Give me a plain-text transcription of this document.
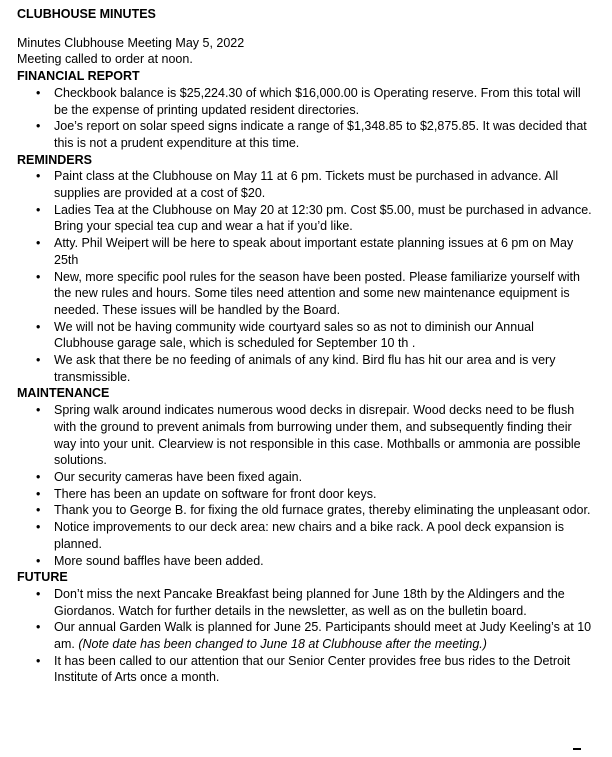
CLUBHOUSE MINUTES
Minutes Clubhouse Meeting May 5, 2022
Meeting called to order at noon.
FINANCIAL REPORT
• Checkbook balance is $25,224.30 of which $16,000.00 is Operating reserve. From this total will be the expense of printing updated resident directories.
• Joe’s report on solar speed signs indicate a range of $1,348.85 to $2,875.85. It was decided that this is not a prudent expenditure at this time.
REMINDERS
• Paint class at the Clubhouse on May 11 at 6 pm. Tickets must be purchased in advance. All supplies are provided at a cost of $20.
• Ladies Tea at the Clubhouse on May 20 at 12:30 pm. Cost $5.00, must be purchased in advance. Bring your special tea cup and wear a hat if you’d like.
• Atty. Phil Weipert will be here to speak about important estate planning issues at 6 pm on May 25th
• New, more specific pool rules for the season have been posted. Please familiarize yourself with the new rules and hours. Some tiles need attention and some new maintenance equipment is needed. These issues will be handled by the Board.
• We will not be having community wide courtyard sales so as not to diminish our Annual Clubhouse garage sale, which is scheduled for September 10 th .
• We ask that there be no feeding of animals of any kind. Bird flu has hit our area and is very transmissible.
MAINTENANCE
• Spring walk around indicates numerous wood decks in disrepair. Wood decks need to be flush with the ground to prevent animals from burrowing under them, and subsequently finding their way into your unit. Clearview is not responsible in this case. Mothballs or ammonia are possible solutions.
• Our security cameras have been fixed again.
• There has been an update on software for front door keys.
• Thank you to George B. for fixing the old furnace grates, thereby eliminating the unpleasant odor.
• Notice improvements to our deck area: new chairs and a bike rack. A pool deck expansion is planned.
• More sound baffles have been added.
FUTURE
• Don’t miss the next Pancake Breakfast being planned for June 18th by the Aldingers and the Giordanos. Watch for further details in the newsletter, as well as on the bulletin board.
• Our annual Garden Walk is planned for June 25. Participants should meet at Judy Keeling’s at 10 am. (Note date has been changed to June 18 at Clubhouse after the meeting.)
• It has been called to our attention that our Senior Center provides free bus rides to the Detroit Institute of Arts once a month.
